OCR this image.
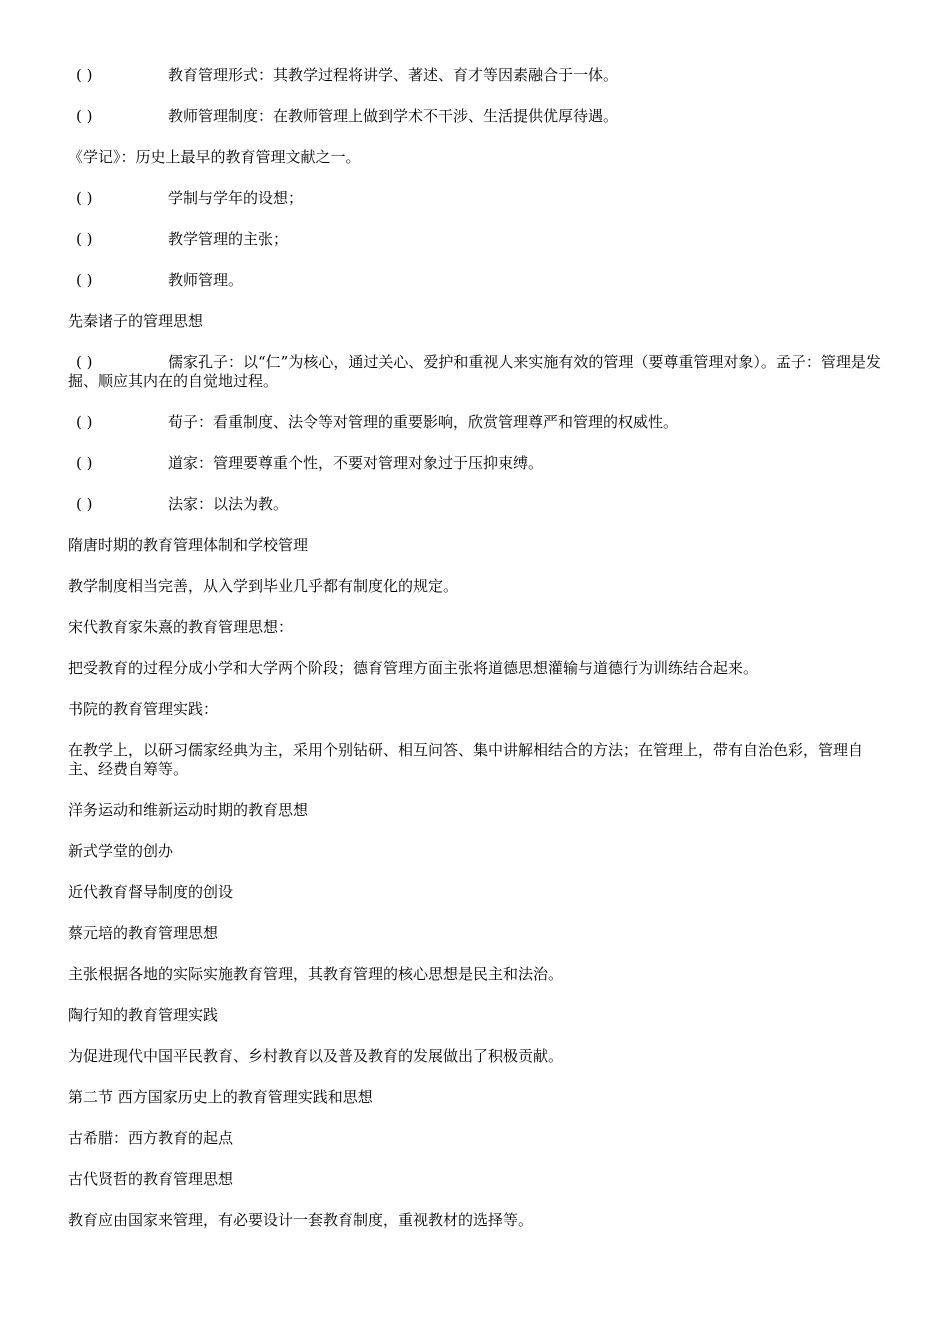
( )	教育管理形式：其教学过程将讲学、著述、育才等因素融合于一体。
( )	教师管理制度：在教师管理上做到学术不干涉、生活提供优厚待遇。

《学记》：历史上最早的教育管理文献之一。

( )	学制与学年的设想；
( )	教学管理的主张；
( )	教师管理。

先秦诸子的管理思想

( )	儒家孔子：以“仁”为核心，通过关心、爱护和重视人来实施有效的管理（要尊重管理对象）。孟子：管理是发掘、顺应其内在的自觉地过程。
( )	荀子：看重制度、法令等对管理的重要影响，欣赏管理尊严和管理的权威性。
( )	道家：管理要尊重个性，不要对管理对象过于压抑束缚。
( )	法家：以法为教。

隋唐时期的教育管理体制和学校管理

教学制度相当完善，从入学到毕业几乎都有制度化的规定。

宋代教育家朱熹的教育管理思想：

把受教育的过程分成小学和大学两个阶段；德育管理方面主张将道德思想灌输与道德行为训练结合起来。

书院的教育管理实践：

在教学上，以研习儒家经典为主，采用个别钻研、相互问答、集中讲解相结合的方法；在管理上，带有自治色彩，管理自主、经费自筹等。

洋务运动和维新运动时期的教育思想

新式学堂的创办

近代教育督导制度的创设

蔡元培的教育管理思想

主张根据各地的实际实施教育管理，其教育管理的核心思想是民主和法治。

陶行知的教育管理实践

为促进现代中国平民教育、乡村教育以及普及教育的发展做出了积极贡献。

第二节 西方国家历史上的教育管理实践和思想

古希腊：西方教育的起点

古代贤哲的教育管理思想

教育应由国家来管理，有必要设计一套教育制度，重视教材的选择等。
